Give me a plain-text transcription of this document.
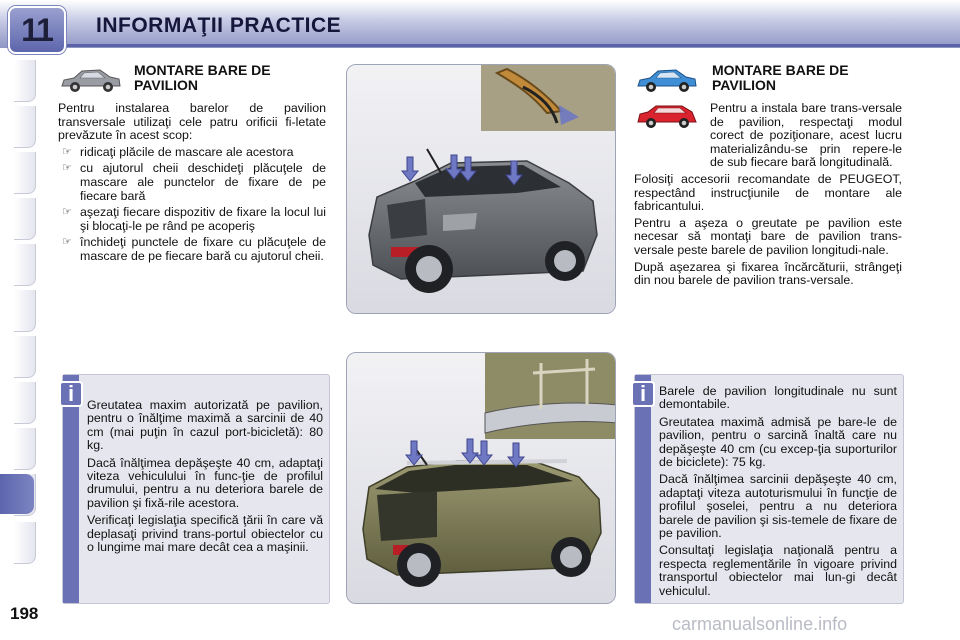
11	INFORMAŢII PRACTICE
MONTARE BARE DE PAVILION

Pentru instalarea barelor de pavilion transversale utilizaţi cele patru orificii fi-letate prevăzute în acest scop:

☞ ridicaţi plăcile de mascare ale acestora
☞ cu ajutorul cheii deschideţi plăcuţele de mascare ale punctelor de fixare de pe fiecare bară
☞ aşezaţi fiecare dispozitiv de fixare la locul lui şi blocaţi-le pe rând pe acoperiş
☞ închideţi punctele de fixare cu plăcuţele de mascare de pe fiecare bară cu ajutorul cheii.
MONTARE BARE DE PAVILION

Pentru a instala bare trans-versale de pavilion, respectaţi modul corect de poziţionare, acest lucru materializându-se prin repere-le de sub fiecare bară longitudinală.

Folosiţi accesorii recomandate de PEUGEOT, respectând instrucţiunile de montare ale fabricantului.

Pentru a aşeza o greutate pe pavilion este necesar să montaţi bare de pavilion trans-versale peste barele de pavilion longitudi-nale.

După aşezarea şi fixarea încărcăturii, strângeţi din nou barele de pavilion trans-versale.

i	Greutatea maxim autorizată pe pavilion, pentru o înălţime maximă a sarcinii de 40 cm (mai puţin în cazul port-bicicletă): 80 kg.

Dacă înălţimea depăşeşte 40 cm, adaptaţi viteza vehiculului în func-ţie de profilul drumului, pentru a nu deteriora barele de pavilion şi fixă-rile acestora.

Verificaţi legislaţia specifică ţării în care vă deplasaţi privind trans-portul obiectelor cu o lungime mai mare decât cea a maşinii.

i	Barele de pavilion longitudinale nu sunt demontabile.

Greutatea maximă admisă pe bare-le de pavilion, pentru o sarcină înaltă care nu depăşeşte 40 cm (cu excep-ţia suporturilor de biciclete): 75 kg.

Dacă înălţimea sarcinii depăşeşte 40 cm, adaptaţi viteza autoturismului în funcţie de profilul şoselei, pentru a nu deteriora barele de pavilion şi sis-temele de fixare de pe pavilion.

Consultaţi legislaţia naţională pentru a respecta reglementările în vigoare privind transportul obiectelor mai lun-gi decât vehiculul.

198
carmanualsonline.info
